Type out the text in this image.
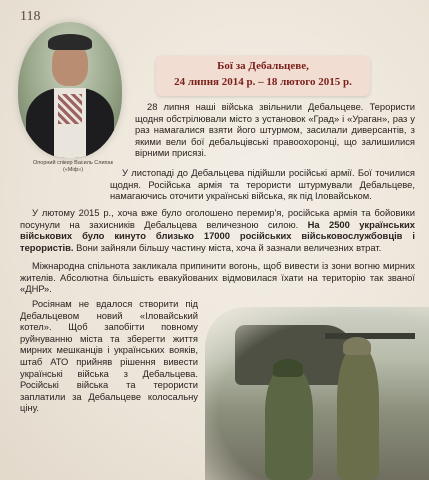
118
Опорний спікер Василь Слипак («Міф»)
Бої за Дебальцеве,
24 липня 2014 р. – 18 лютого 2015 р.
28 липня наші війська звільнили Дебальцеве. Терористи щодня обстрілювали місто з установок «Град» і «Ураган», раз у раз намагалися взяти його штурмом, засилали диверсантів, з якими вели бої дебальцівські правоохоронці, що залишилися вірними присязі.
У листопаді до Дебальцева підійшли російські армії. Бої точилися щодня. Російська армія та терористи штурмували Дебальцеве, намагаючись оточити українські війська, як під Іловайськом.
У лютому 2015 р., хоча вже було оголошено перемир'я, російська армія та бойовики посунули на захисників Дебальцева величезною силою. На 2500 українських військових було кинуто близько 17000 російських військовослужбовців і терористів. Вони зайняли більшу частину міста, хоча й зазнали величезних втрат.
Міжнародна спільнота закликала припинити вогонь, щоб вивести із зони вогню мирних жителів. Абсолютна більшість евакуйованих відмовилася їхати на територію так званої «ДНР».
Росіянам не вдалося створити під Дебальцевом новий «Іловайський котел». Щоб запобігти повному руйнуванню міста та зберегти життя мирних мешканців і українських вояків, штаб АТО прийняв рішення вивести українські війська з Дебальцева. Російські війська та терористи заплатили за Дебальцеве колосальну ціну.
